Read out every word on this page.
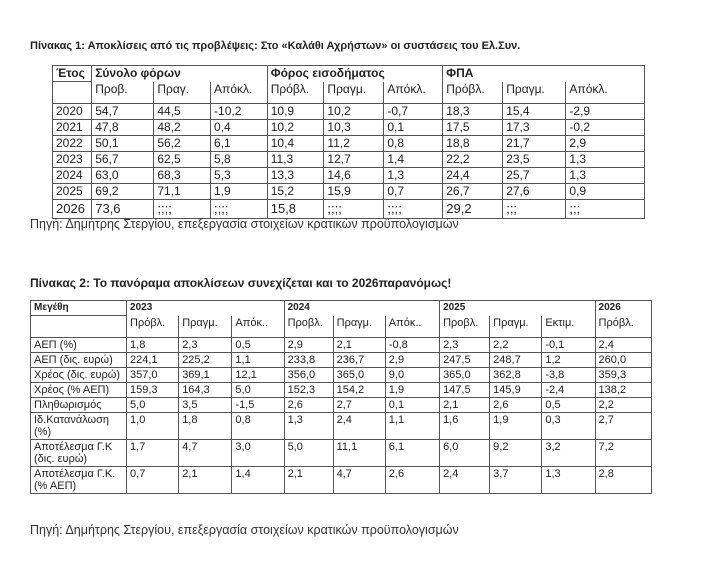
Πίνακας 1: Αποκλίσεις από τις προβλέψεις: Στο «Καλάθι Αχρήστων» οι συστάσεις του Ελ.Συν.
Έτος	Σύνολο φόρων			Φόρος εισοδήματος			ΦΠΑ		
	Προβ.	Πραγ.	Απόκλ.	Πρόβλ.	Πραγμ.	Απόκλ.	Πρόβλ.	Πραγμ.	Απόκλ.
2020	54,7	44,5	-10,2	10,9	10,2	-0,7	18,3	15,4	-2,9
2021	47,8	48,2	0,4	10,2	10,3	0,1	17,5	17,3	-0,2
2022	50,1	56,2	6,1	10,4	11,2	0,8	18,8	21,7	2,9
2023	56,7	62,5	5,8	11,3	12,7	1,4	22,2	23,5	1,3
2024	63,0	68,3	5,3	13,3	14,6	1,3	24,4	25,7	1,3
2025	69,2	71,1	1,9	15,2	15,9	0,7	26,7	27,6	0,9
2026	73,6	;;;;	;;;;	15,8	;;;;	;;;;	29,2	;;;	;;;
Πηγή: Δημήτρης Στεργίου, επεξεργασία στοιχείων κρατικών προϋπολογισμών
Πίνακας 2: Το πανόραμα αποκλίσεων συνεχίζεται και το 2026παρανόμως!
Μεγέθη	2023			2024			2025			2026
	Πρόβλ.	Πραγμ.	Απόκ..	Προβλ.	Πραγμ.	Απόκ..	Προβλ.	Πραγμ.	Εκτιμ.	Πρόβλ.
ΑΕΠ (%)	1,8	2,3	0,5	2,9	2,1	-0,8	2,3	2,2	-0,1	2,4
ΑΕΠ (δις. ευρώ)	224,1	225,2	1,1	233,8	236,7	2,9	247,5	248,7	1,2	260,0
Χρέος (δις. ευρώ)	357,0	369,1	12,1	356,0	365,0	9,0	365,0	362,8	-3,8	359,3
Χρέος (% ΑΕΠ)	159,3	164,3	5,0	152,3	154,2	1,9	147,5	145,9	-2,4	138,2
Πληθωρισμός	5,0	3,5	-1,5	2,6	2,7	0,1	2,1	2,6	0,5	2,2
Ιδ.Κατανάλωση (%)	1,0	1,8	0,8	1,3	2,4	1,1	1,6	1,9	0,3	2,7
Αποτέλεσμα Γ.Κ (δις. ευρώ)	1,7	4,7	3,0	5,0	11,1	6,1	6,0	9,2	3,2	7,2
Αποτέλεσμα Γ.Κ. (% ΑΕΠ)	0,7	2,1	1,4	2,1	4,7	2,6	2,4	3,7	1,3	2,8
Πηγή: Δημήτρης Στεργίου, επεξεργασία στοιχείων κρατικών προϋπολογισμών
